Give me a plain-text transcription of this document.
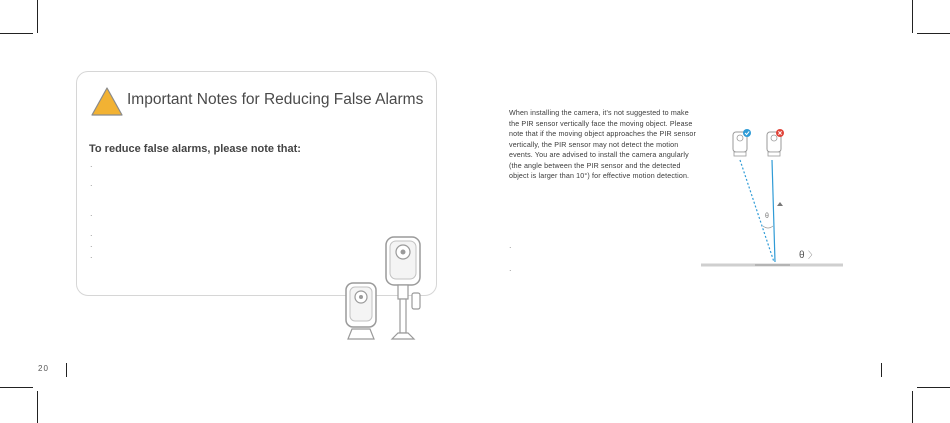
Important Notes for Reducing False Alarms
To reduce false alarms, please note that:
.
.
.
.
.
.
When installing the camera, it's not suggested to make the PIR sensor vertically face the moving object. Please note that if the moving object approaches the PIR sensor vertically, the PIR sensor may not detect the motion events. You are advised to install the camera angularly (the angle between the PIR sensor and the detected object is larger than 10°) for effective motion detection.
.
.
θ
θ 〉
20
